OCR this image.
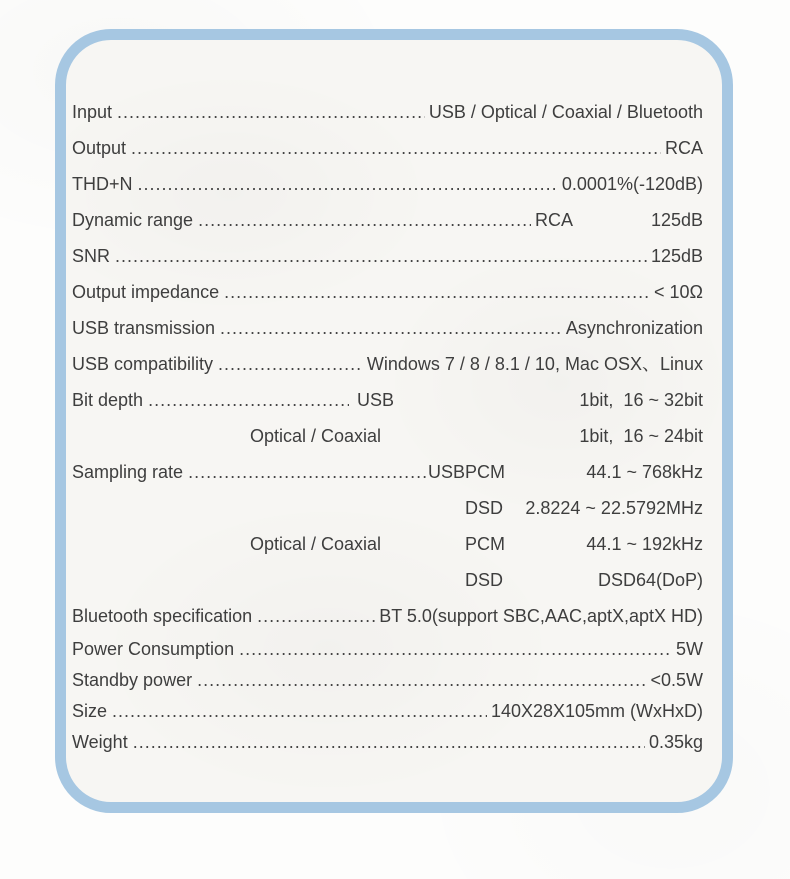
Input .....	USB / Optical / Coaxial / Bluetooth
Output .....	RCA
THD+N .....	0.0001%(-120dB)
Dynamic range .....	RCA	125dB
SNR .....	125dB
Output impedance .....	< 10Ω
USB transmission .....	Asynchronization
USB compatibility .....	Windows 7 / 8 / 8.1 / 10, Mac OSX、Linux
Bit depth .....	USB	1bit,  16 ~ 32bit
Optical / Coaxial	1bit,  16 ~ 24bit
Sampling rate .....	USB PCM	44.1 ~ 768kHz
DSD	2.8224 ~ 22.5792MHz
Optical / Coaxial	PCM	44.1 ~ 192kHz
DSD	DSD64(DoP)
Bluetooth specification .....	BT 5.0(support SBC,AAC,aptX,aptX HD)
Power Consumption .....	5W
Standby power .....	<0.5W
Size .....	140X28X105mm (WxHxD)
Weight .....	0.35kg
